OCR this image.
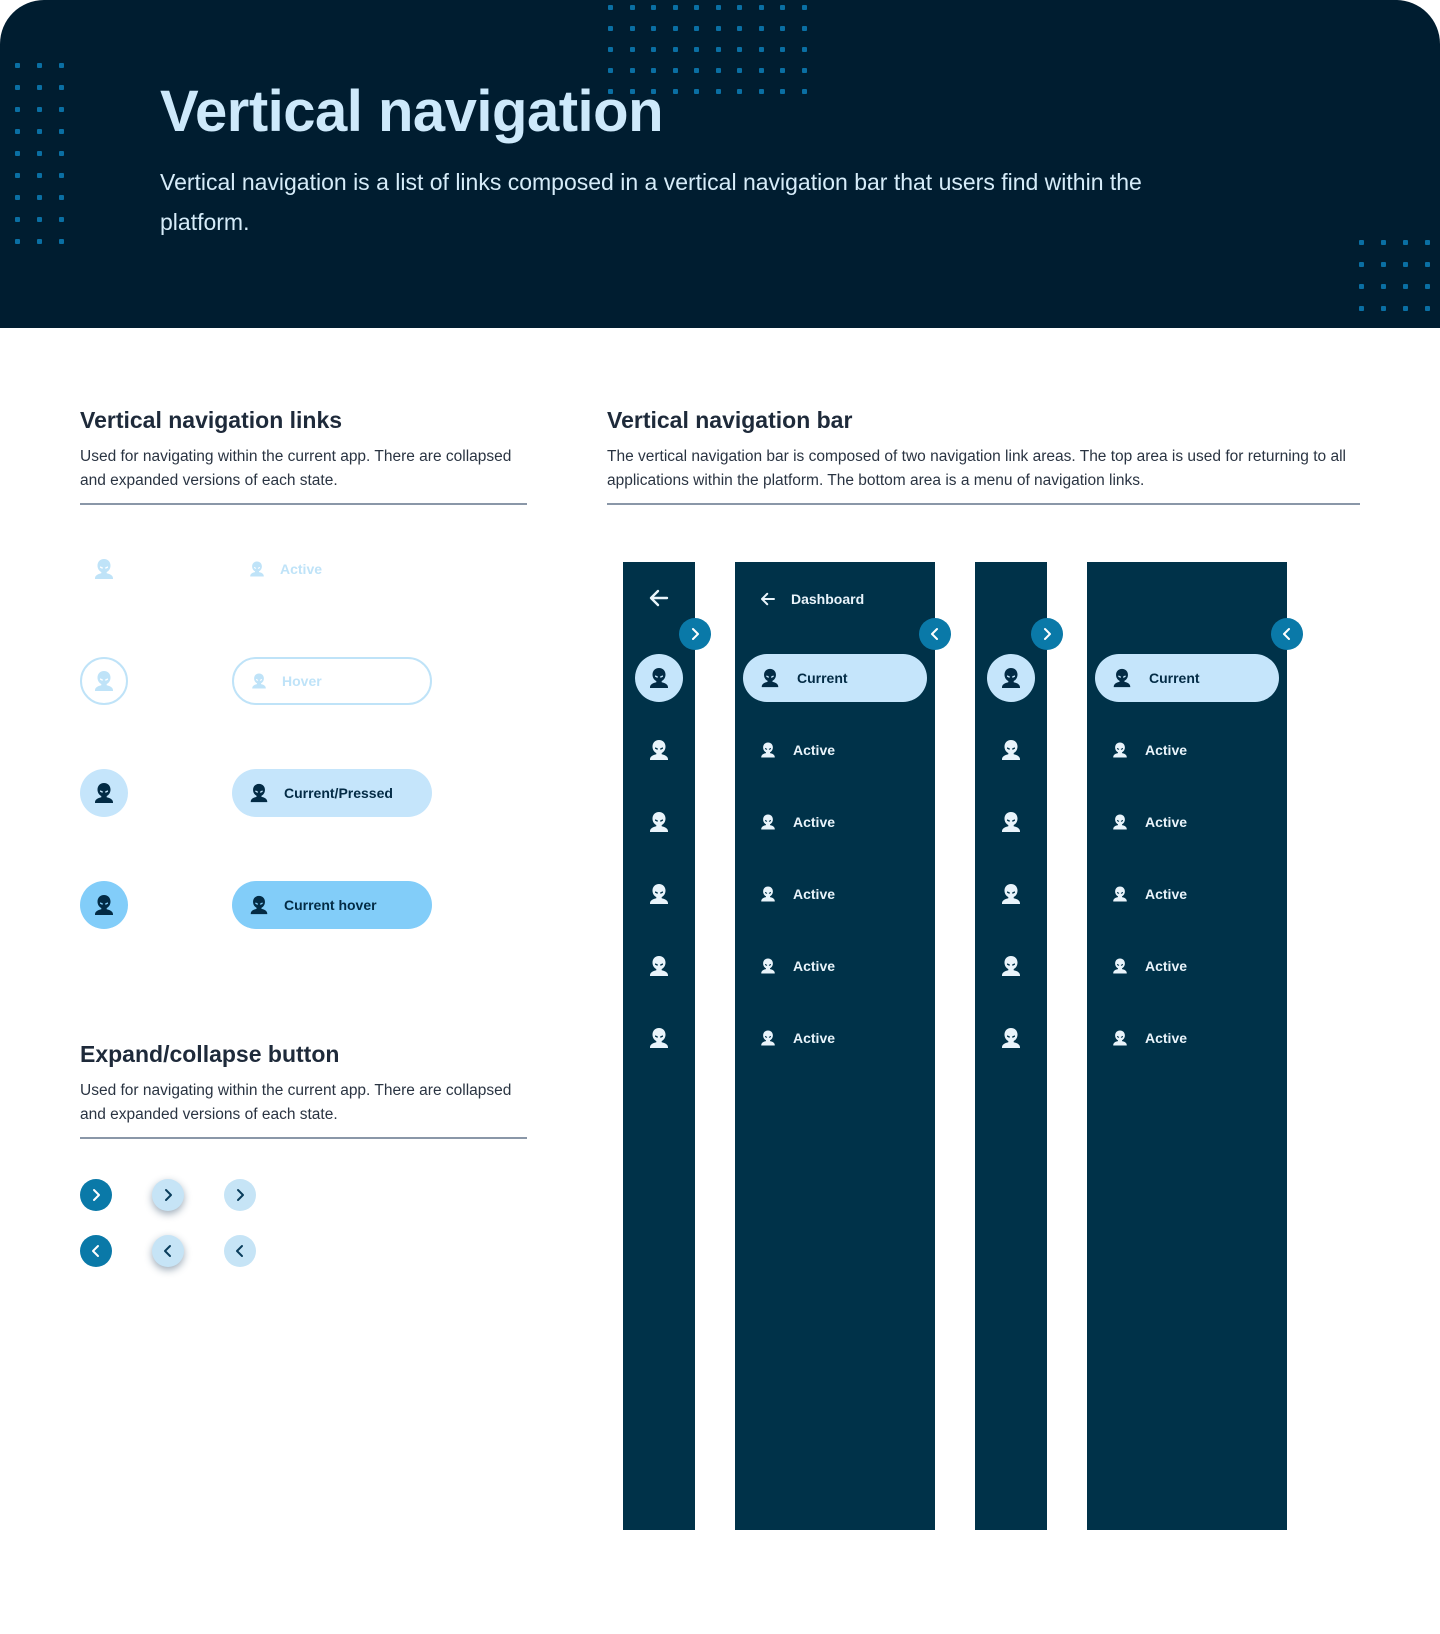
Vertical navigation

Vertical navigation is a list of links composed in a vertical navigation bar that users find within the platform.

Vertical navigation links

Used for navigating within the current app. There are collapsed and expanded versions of each state.

Active
Hover
Current/Pressed
Current hover
Expand/collapse button

Used for navigating within the current app. There are collapsed and expanded versions of each state.

Vertical navigation bar

The vertical navigation bar is composed of two navigation link areas. The top area is used for returning to all applications within the platform. The bottom area is a menu of navigation links.

Dashboard
Current
Active
Active
Active
Active
Active
Current
Active
Active
Active
Active
Active
